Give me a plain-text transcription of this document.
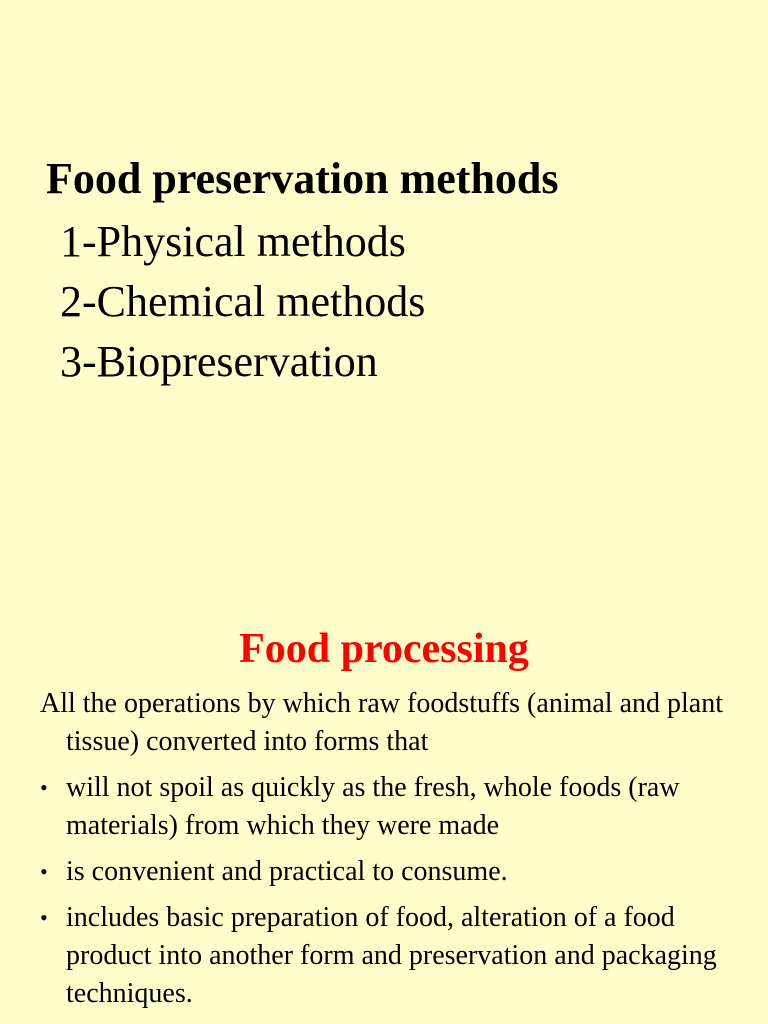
Food preservation methods
1-Physical methods
2-Chemical methods
3-Biopreservation
Food processing

All the operations by which raw foodstuffs (animal and plant tissue) converted into forms that

• will not spoil as quickly as the fresh, whole foods (raw materials) from which they were made
• is convenient and practical to consume.
• includes basic preparation of food, alteration of a food product into another form and preservation and packaging techniques.
